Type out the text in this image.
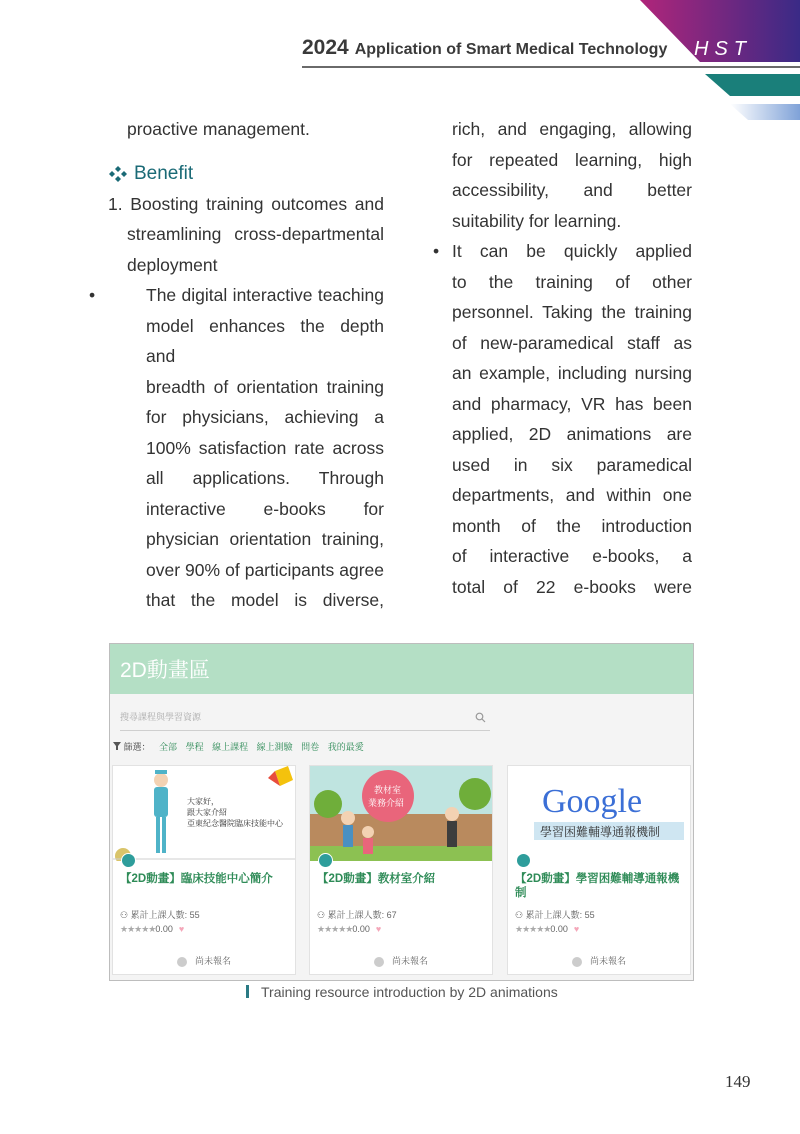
2024 Application of Smart Medical Technology HST

proactive management.

Benefit

1. Boosting training outcomes and

streamlining cross-departmental

deployment

•	The digital interactive teaching

model enhances the depth and

breadth of orientation training

for physicians, achieving a

100% satisfaction rate across

all applications. Through

interactive e-books for

physician orientation training,

over 90% of participants agree

that the model is diverse,

rich, and engaging, allowing

for repeated learning, high

accessibility, and better

suitability for learning.

• It can be quickly applied

to the training of other

personnel. Taking the training

of new-paramedical staff as

an example, including nursing

and pharmacy, VR has been

applied, 2D animations are

used in six paramedical

departments, and within one

month of the introduction

of interactive e-books, a

total of 22 e-books were

2D動畫區
搜尋課程與學習資源
篩選： 全部 學程 線上課程 線上測驗 問卷 我的最愛
大家好，
跟大家介紹
亞東紀念醫院臨床技能中心
【2D動畫】臨床技能中心簡介
⚇ 累計上課人數: 55
★★★★★0.00 ♥
尚未報名
教材室
業務介紹
【2D動畫】教材室介紹
⚇ 累計上課人數: 67
★★★★★0.00 ♥
尚未報名
Google
學習困難輔導通報機制
【2D動畫】學習困難輔導通報機制
⚇ 累計上課人數: 55
★★★★★0.00 ♥
尚未報名
Training resource introduction by 2D animations
149
